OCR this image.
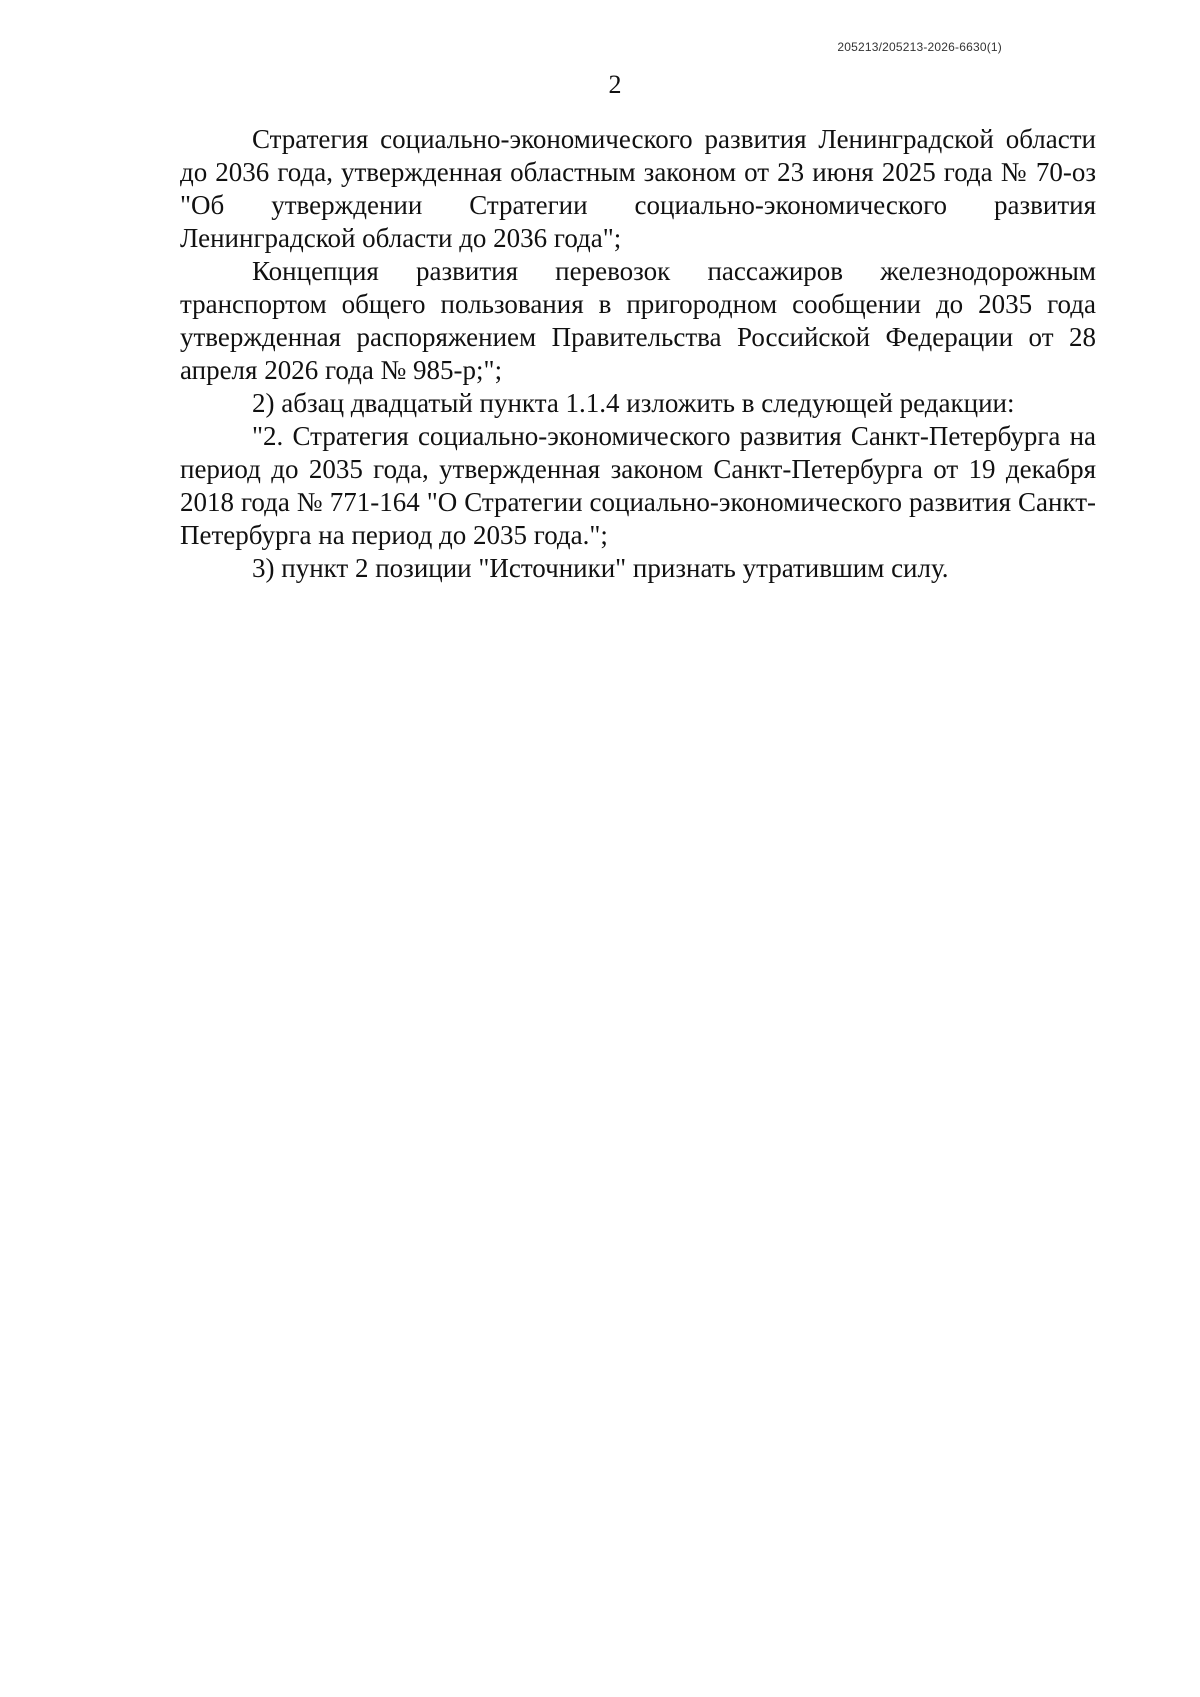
205213/205213-2026-6630(1)
2

Стратегия социально-экономического развития Ленинградской области до 2036 года, утвержденная областным законом от 23 июня 2025 года № 70-оз "Об утверждении Стратегии социально-экономического развития Ленинградской области до 2036 года";

Концепция развития перевозок пассажиров железнодорожным транспортом общего пользования в пригородном сообщении до 2035 года утвержденная распоряжением Правительства Российской Федерации от 28 апреля 2026 года № 985-р;";

2) абзац двадцатый пункта 1.1.4 изложить в следующей редакции:

"2. Стратегия социально-экономического развития Санкт-Петербурга на период до 2035 года, утвержденная законом Санкт-Петербурга от 19 декабря 2018 года № 771-164 "О Стратегии социально-экономического развития Санкт-Петербурга на период до 2035 года.";

3) пункт 2 позиции "Источники" признать утратившим силу.
